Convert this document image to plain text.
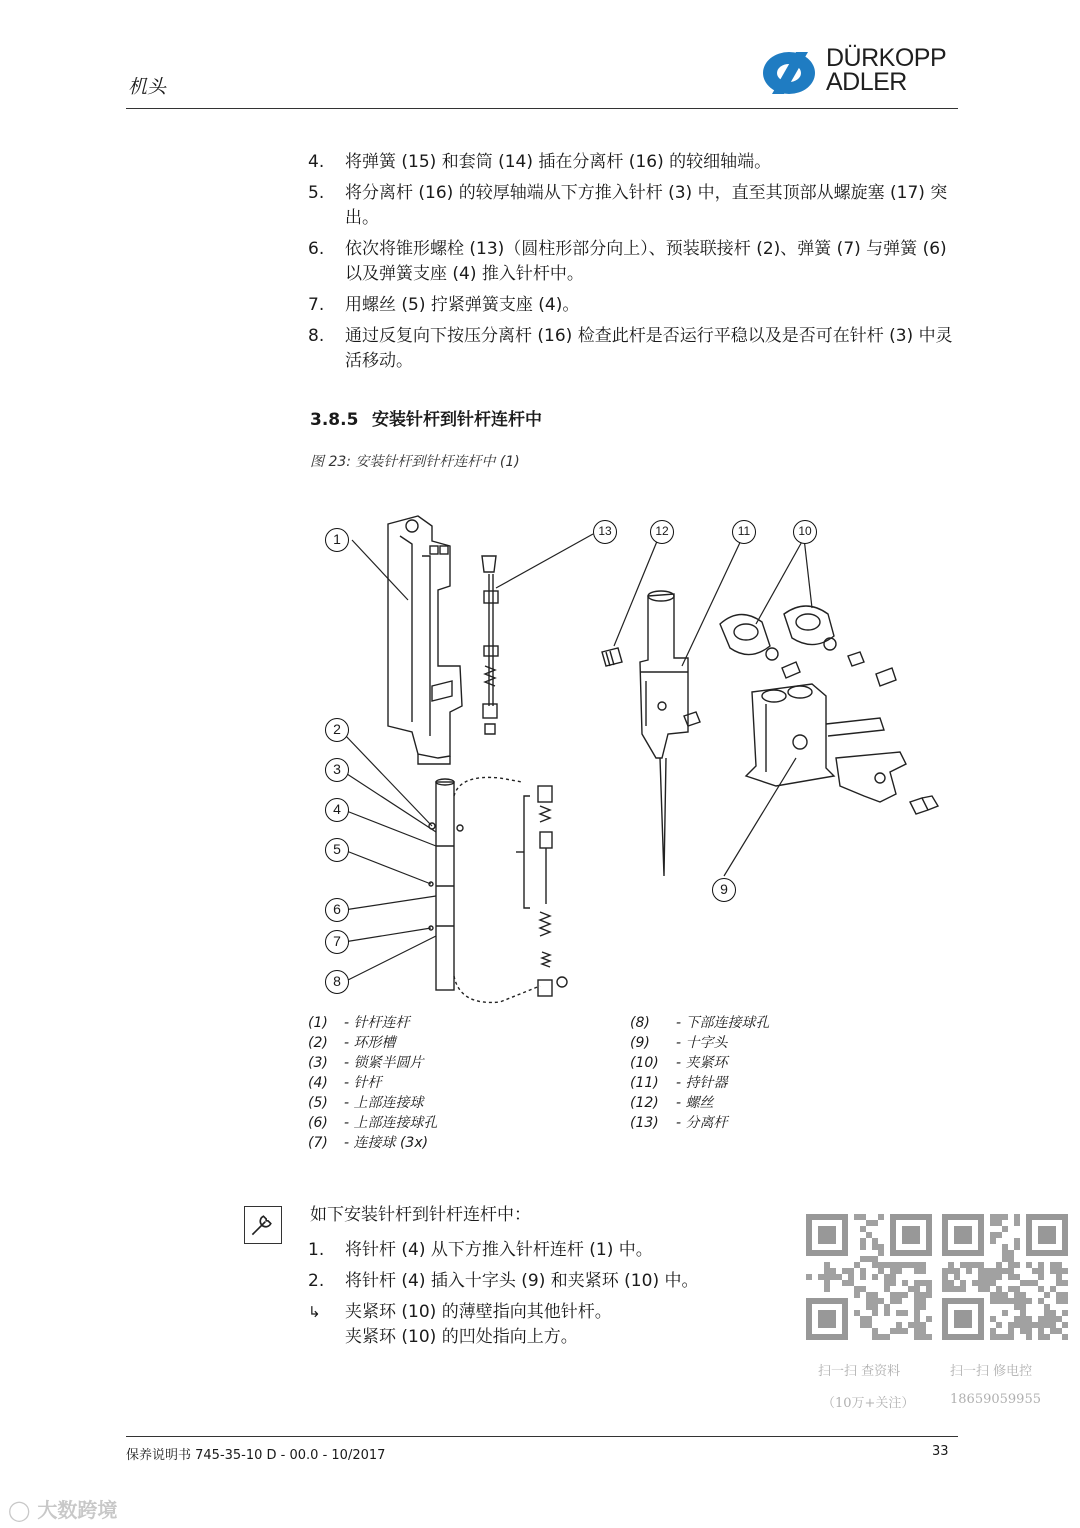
机头
DÜRKOPP
ADLER
4.	将弹簧 (15) 和套筒 (14) 插在分离杆 (16) 的较细轴端。
5.	将分离杆 (16) 的较厚轴端从下方推入针杆 (3) 中，直至其顶部从螺旋塞 (17) 突出。
6.	依次将锥形螺栓 (13)（圆柱形部分向上）、预装联接杆 (2)、弹簧 (7) 与弹簧 (6) 以及弹簧支座 (4) 推入针杆中。
7.	用螺丝 (5) 拧紧弹簧支座 (4)。
8.	通过反复向下按压分离杆 (16) 检查此杆是否运行平稳以及是否可在针杆 (3) 中灵活移动。
3.8.5 安装针杆到针杆连杆中
图 23: 安装针杆到针杆连杆中 (1)
1
2
3
4
5
6
7
8
9
10
11
12
13
(1)	- 针杆连杆
(2)	- 环形槽
(3)	- 锁紧半圆片
(4)	- 针杆
(5)	- 上部连接球
(6)	- 上部连接球孔
(7)	- 连接球 (3x)
(8)	- 下部连接球孔
(9)	- 十字头
(10)	- 夹紧环
(11)	- 持针器
(12)	- 螺丝
(13)	- 分离杆
如下安装针杆到针杆连杆中：
1.	将针杆 (4) 从下方推入针杆连杆 (1) 中。
2.	将针杆 (4) 插入十字头 (9) 和夹紧环 (10) 中。
↳	夹紧环 (10) 的薄壁指向其他针杆。
夹紧环 (10) 的凹处指向上方。
扫一扫 查资料
（10万+关注）
扫一扫 修电控
18659059955
保养说明书 745-35-10 D - 00.0 - 10/2017	33
◯ 大数跨境
